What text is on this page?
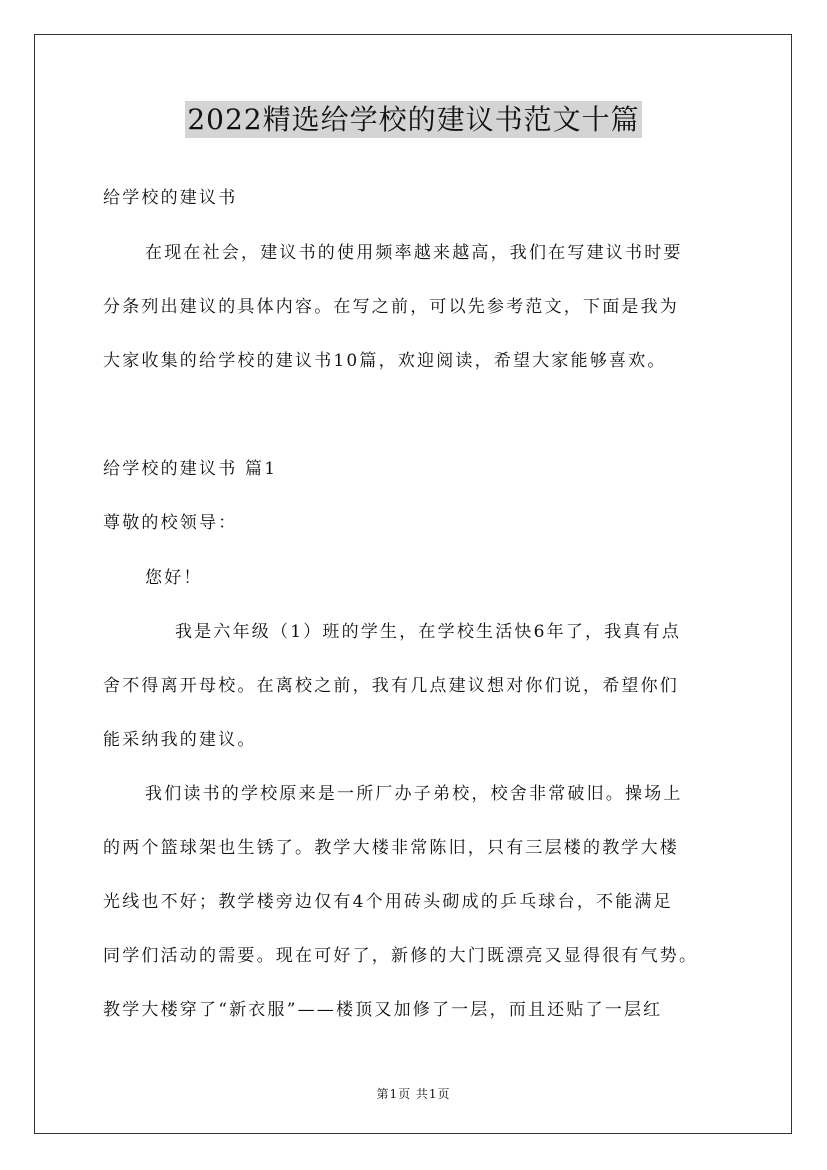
2022精选给学校的建议书范文十篇
给学校的建议书
在现在社会，建议书的使用频率越来越高，我们在写建议书时要
分条列出建议的具体内容。在写之前，可以先参考范文，下面是我为
大家收集的给学校的建议书10篇，欢迎阅读，希望大家能够喜欢。
给学校的建议书 篇1
尊敬的校领导：
您好！
我是六年级（1）班的学生，在学校生活快6年了，我真有点
舍不得离开母校。在离校之前，我有几点建议想对你们说，希望你们
能采纳我的建议。
我们读书的学校原来是一所厂办子弟校，校舍非常破旧。操场上
的两个篮球架也生锈了。教学大楼非常陈旧，只有三层楼的教学大楼
光线也不好；教学楼旁边仅有4个用砖头砌成的乒乓球台，不能满足
同学们活动的需要。现在可好了，新修的大门既漂亮又显得很有气势。
教学大楼穿了“新衣服”——楼顶又加修了一层，而且还贴了一层红
第1页 共1页
